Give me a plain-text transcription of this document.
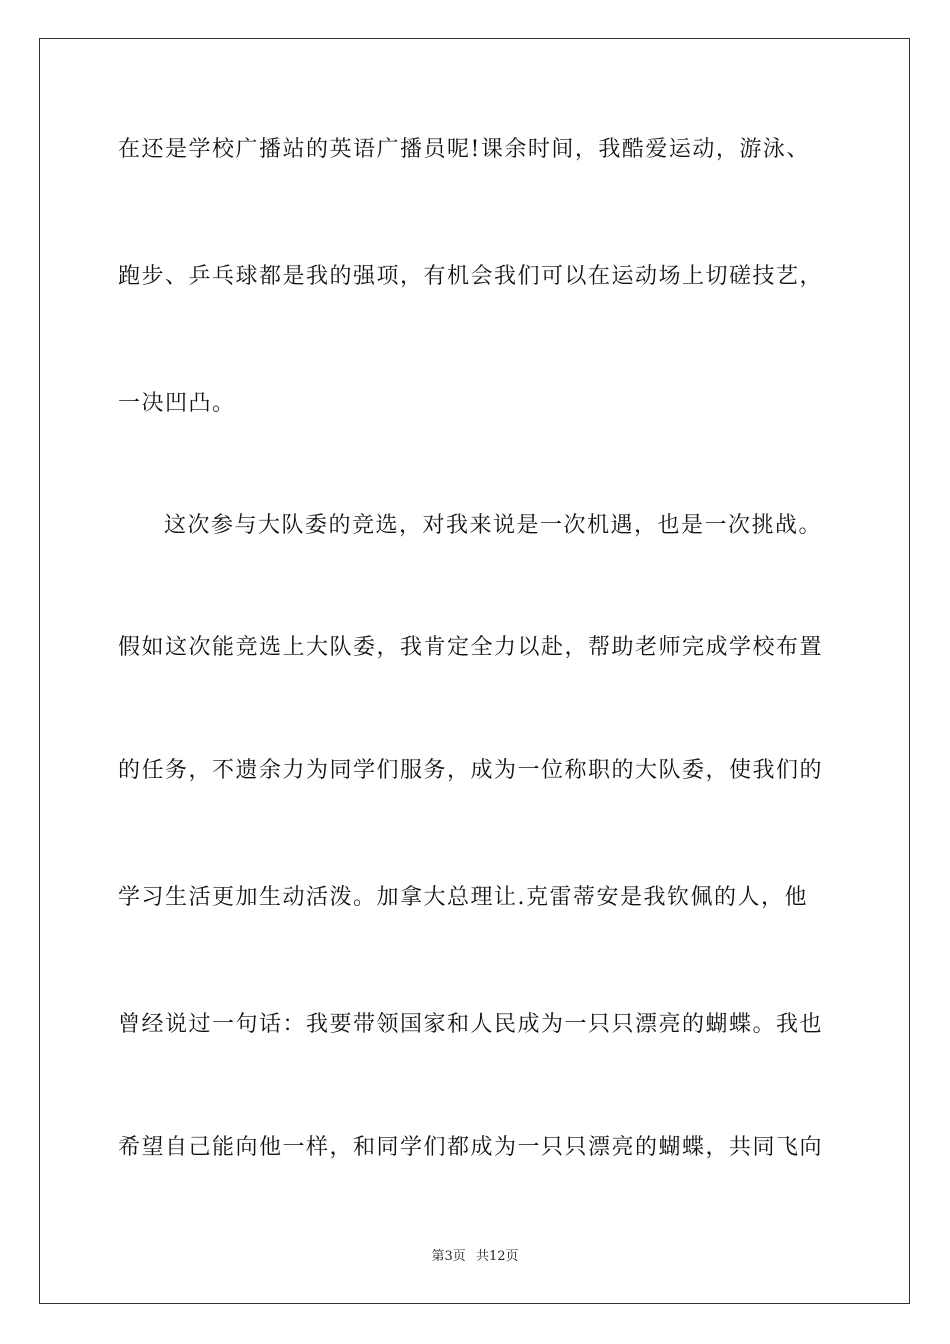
在还是学校广播站的英语广播员呢!课余时间，我酷爱运动，游泳、
跑步、乒乓球都是我的强项，有机会我们可以在运动场上切磋技艺，
一决凹凸。
这次参与大队委的竞选，对我来说是一次机遇，也是一次挑战。
假如这次能竞选上大队委，我肯定全力以赴，帮助老师完成学校布置
的任务，不遗余力为同学们服务，成为一位称职的大队委，使我们的
学习生活更加生动活泼。加拿大总理让.克雷蒂安是我钦佩的人，他
曾经说过一句话：我要带领国家和人民成为一只只漂亮的蝴蝶。我也
希望自己能向他一样，和同学们都成为一只只漂亮的蝴蝶，共同飞向
第3页 共12页
